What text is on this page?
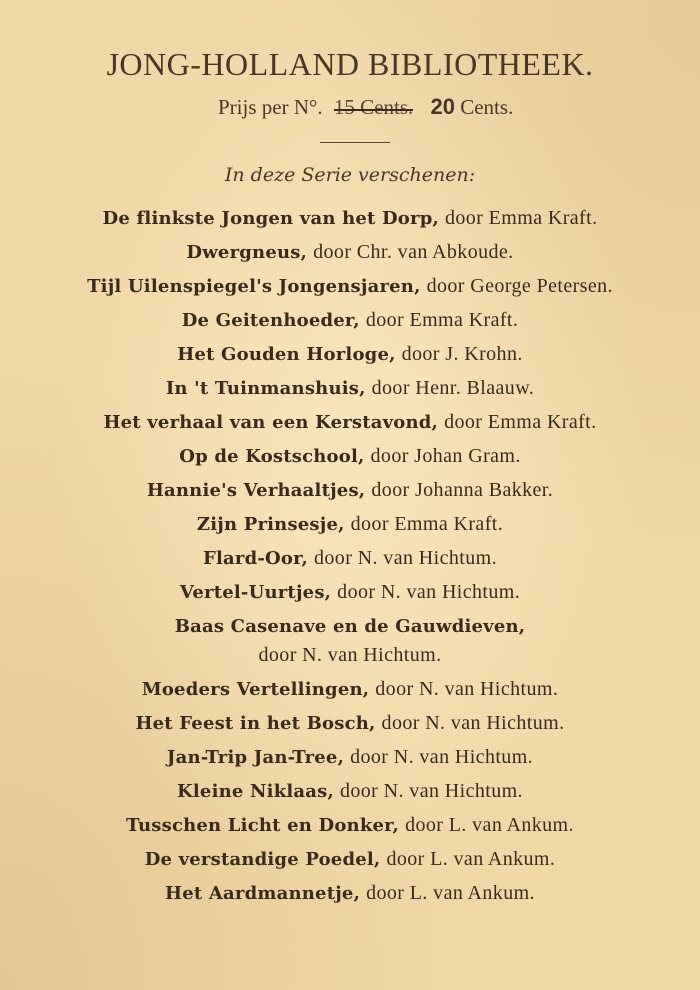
JONG-HOLLAND BIBLIOTHEEK.
Prijs per N°. 15 Cents. 20 Cents.
In deze Serie verschenen:
De flinkste Jongen van het Dorp, door Emma Kraft.
Dwergneus, door Chr. van Abkoude.
Tijl Uilenspiegel's Jongensjaren, door George Petersen.
De Geitenhoeder, door Emma Kraft.
Het Gouden Horloge, door J. Krohn.
In 't Tuinmanshuis, door Henr. Blaauw.
Het verhaal van een Kerstavond, door Emma Kraft.
Op de Kostschool, door Johan Gram.
Hannie's Verhaaltjes, door Johanna Bakker.
Zijn Prinsesje, door Emma Kraft.
Flard-Oor, door N. van Hichtum.
Vertel-Uurtjes, door N. van Hichtum.
Baas Casenave en de Gauwdieven,
door N. van Hichtum.
Moeders Vertellingen, door N. van Hichtum.
Het Feest in het Bosch, door N. van Hichtum.
Jan-Trip Jan-Tree, door N. van Hichtum.
Kleine Niklaas, door N. van Hichtum.
Tusschen Licht en Donker, door L. van Ankum.
De verstandige Poedel, door L. van Ankum.
Het Aardmannetje, door L. van Ankum.
